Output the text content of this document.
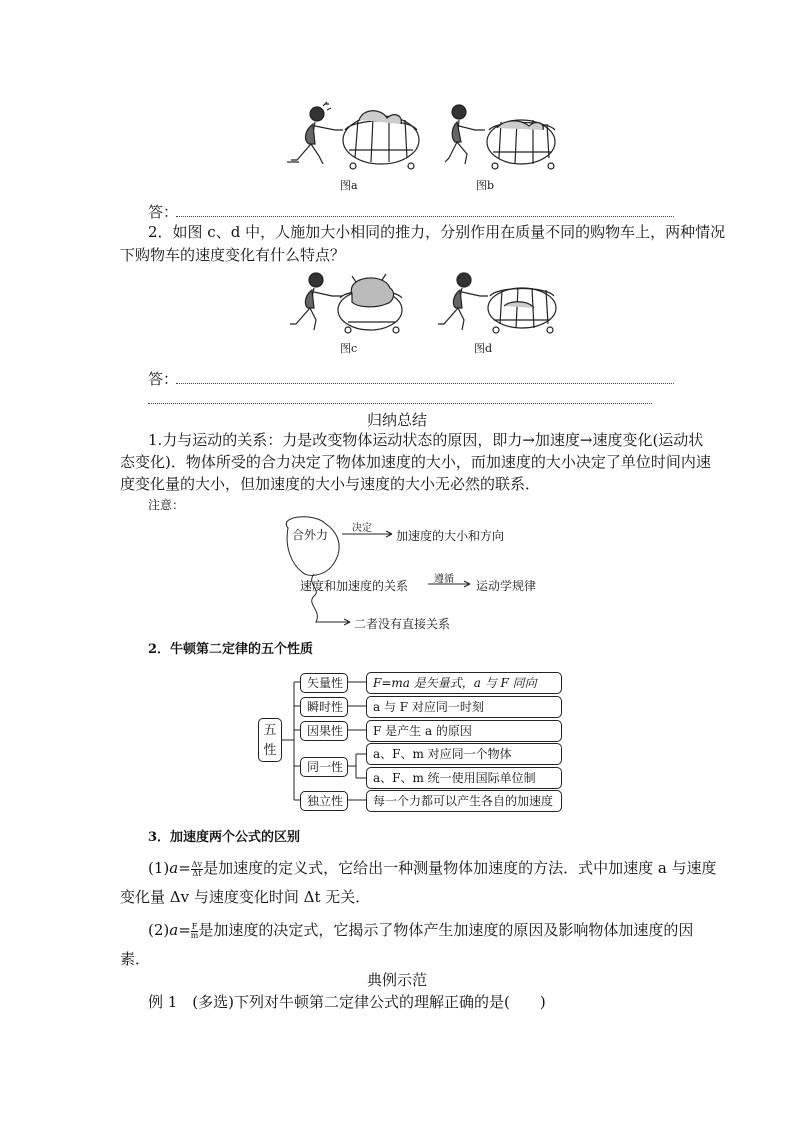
图a	图b
答：
2．如图 c、d 中，人施加大小相同的推力，分别作用在质量不同的购物车上，两种情况
下购物车的速度变化有什么特点？
图c	图d
答：
归纳总结
1.力与运动的关系：力是改变物体运动状态的原因，即力→加速度→速度变化(运动状
态变化)．物体所受的合力决定了物体加速度的大小，而加速度的大小决定了单位时间内速
度变化量的大小，但加速度的大小与速度的大小无必然的联系．
注意：
合外力 决定
加速度的大小和方向
速度和加速度的关系	遵循 运动学规律
二者没有直接关系
2．牛顿第二定律的五个性质
五
性
矢量性
瞬时性
因果性
同一性
独立性
F=ma 是矢量式，a 与 F 同向
a 与 F 对应同一时刻
F 是产生 a 的原因
a、F、m 对应同一个物体
a、F、m 统一使用国际单位制
每一个力都可以产生各自的加速度
3．加速度两个公式的区别
$(1)a= \frac{\Delta v}{\Delta t}$ 是加速度的定义式，它给出一种测量物体加速度的方法．式中加速度 a 与速度
变化量 Δv 与速度变化时间 Δt 无关．
$(2)a= \frac{F}{m}$ 是加速度的决定式，它揭示了物体产生加速度的原因及影响物体加速度的因
素．
典例示范
例 1　(多选)下列对牛顿第二定律公式的理解正确的是(　　)
